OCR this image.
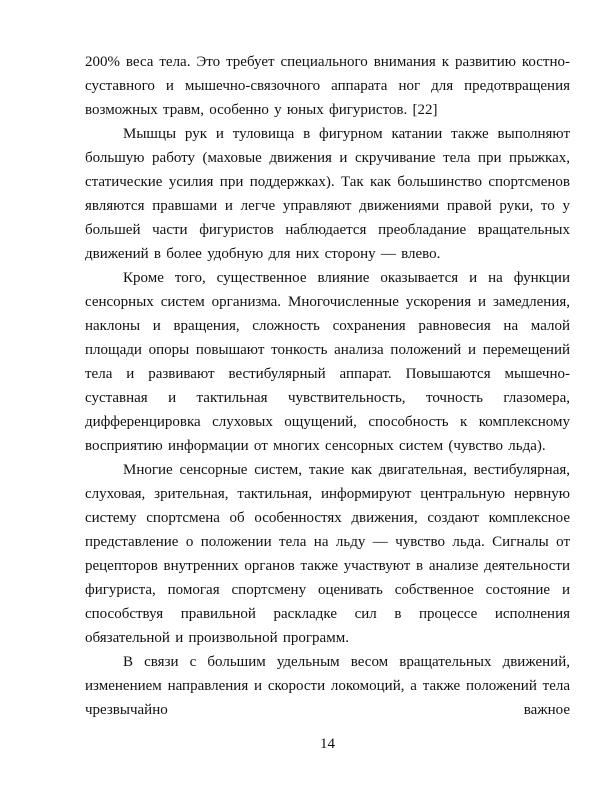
200% веса тела. Это требует специального внимания к развитию костно-суставного и мышечно-связочного аппарата ног для предотвращения возможных травм, особенно у юных фигуристов. [22]

Мышцы рук и туловища в фигурном катании также выполняют большую работу (маховые движения и скручивание тела при прыжках, статические усилия при поддержках). Так как большинство спортсменов являются правшами и легче управляют движениями правой руки, то у большей части фигуристов наблюдается преобладание вращательных движений в более удобную для них сторону — влево.

Кроме того, существенное влияние оказывается и на функции сенсорных систем организма. Многочисленные ускорения и замедления, наклоны и вращения, сложность сохранения равновесия на малой площади опоры повышают тонкость анализа положений и перемещений тела и развивают вестибулярный аппарат. Повышаются мышечно-суставная и тактильная чувствительность, точность глазомера, дифференцировка слуховых ощущений, способность к комплексному восприятию информации от многих сенсорных систем (чувство льда).

Многие сенсорные систем, такие как двигательная, вестибулярная, слуховая, зрительная, тактильная, информируют центральную нервную систему спортсмена об особенностях движения, создают комплексное представление о положении тела на льду — чувство льда. Сигналы от рецепторов внутренних органов также участвуют в анализе деятельности фигуриста, помогая спортсмену оценивать собственное состояние и способствуя правильной раскладке сил в процессе исполнения обязательной и произвольной программ.

В связи с большим удельным весом вращательных движений, изменением направления и скорости локомоций, а также положений тела чрезвычайно важное

14
